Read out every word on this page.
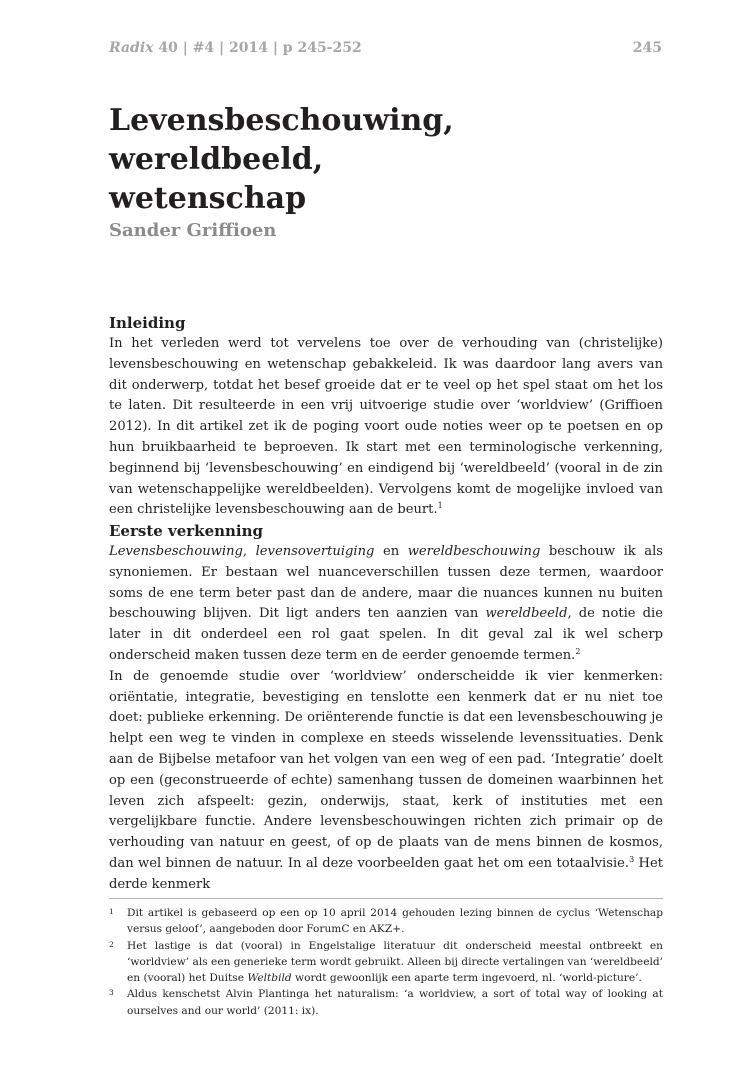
Radix 40 | #4 | 2014 | p 245-252	245
Levensbeschouwing, wereldbeeld,
wetenschap
Sander Griffioen
Inleiding

In het verleden werd tot vervelens toe over de verhouding van (christelijke) levensbeschouwing en wetenschap gebakkeleid. Ik was daardoor lang avers van dit onderwerp, totdat het besef groeide dat er te veel op het spel staat om het los te laten. Dit resulteerde in een vrij uitvoerige studie over ‘worldview’ (Griffioen 2012). In dit artikel zet ik de poging voort oude noties weer op te poetsen en op hun bruikbaarheid te beproeven. Ik start met een terminologische verkenning, beginnend bij ‘levensbeschouwing’ en eindigend bij ‘wereldbeeld’ (vooral in de zin van wetenschappelijke wereldbeelden). Vervolgens komt de mogelijke invloed van een christelijke levensbeschouwing aan de beurt.$^1$

Eerste verkenning

Levensbeschouwing, levensovertuiging en wereldbeschouwing beschouw ik als synoniemen. Er bestaan wel nuanceverschillen tussen deze termen, waardoor soms de ene term beter past dan de andere, maar die nuances kunnen nu buiten beschouwing blijven. Dit ligt anders ten aanzien van wereldbeeld, de notie die later in dit onderdeel een rol gaat spelen. In dit geval zal ik wel scherp onderscheid maken tussen deze term en de eerder genoemde termen.$^2$

In de genoemde studie over ‘worldview’ onderscheidde ik vier kenmerken: oriëntatie, integratie, bevestiging en tenslotte een kenmerk dat er nu niet toe doet: publieke erkenning. De oriënterende functie is dat een levensbeschouwing je helpt een weg te vinden in complexe en steeds wisselende levenssituaties. Denk aan de Bijbelse metafoor van het volgen van een weg of een pad. ‘Integratie’ doelt op een (geconstrueerde of echte) samenhang tussen de domeinen waarbinnen het leven zich afspeelt: gezin, onderwijs, staat, kerk of instituties met een vergelijkbare functie. Andere levensbeschouwingen richten zich primair op de verhouding van natuur en geest, of op de plaats van de mens binnen de kosmos, dan wel binnen de natuur. In al deze voorbeelden gaat het om een totaalvisie.$^3$ Het derde kenmerk

1	Dit artikel is gebaseerd op een op 10 april 2014 gehouden lezing binnen de cyclus ‘Wetenschap versus geloof’, aangeboden door ForumC en AKZ+.

2	Het lastige is dat (vooral) in Engelstalige literatuur dit onderscheid meestal ontbreekt en ‘worldview’ als een generieke term wordt gebruikt. Alleen bij directe vertalingen van ‘wereldbeeld’ en (vooral) het Duitse Weltbild wordt gewoonlijk een aparte term ingevoerd, nl. ‘world-picture’.

3	Aldus kenschetst Alvin Plantinga het naturalism: ‘a worldview, a sort of total way of looking at ourselves and our world’ (2011: ix).
